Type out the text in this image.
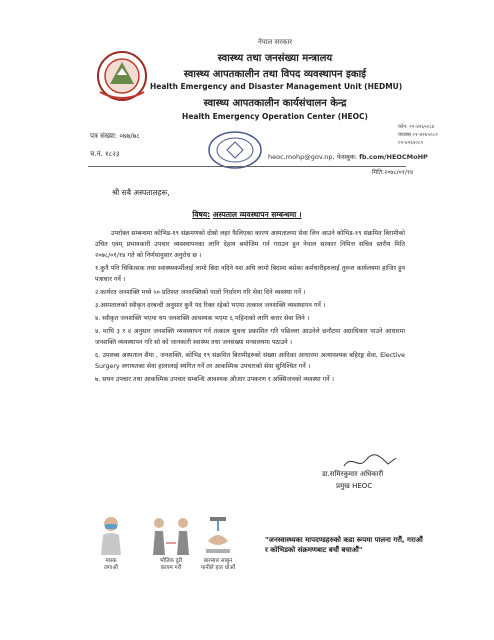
नेपाल सरकार
स्वास्थ्य तथा जनसंख्या मन्त्रालय
स्वास्थ्य आपतकालीन तथा विपद व्यवस्थापन इकाई
Health Emergency and Disaster Management Unit (HEDMU)
स्वास्थ्य आपतकालीन कार्यसंचालन केन्द्र
Health Emergency Operation Center (HEOC)
फोन: ०१-४२६५०८४
फ्याक्स ०१-४२६५०८२
०१-४२६५०८१
पत्र संख्या: ०७७/७८
च.नं. १८२३	heoc.mohp@gov.np, फेसबुक: fb.com/HEOCMoHP
मिति:२०७८/०१/१४
श्री सबै अस्पतालहरू,
विषय: अस्पताल व्यवस्थापन सम्बन्धमा ।

उपरोक्त सम्बन्धमा कोभिड-१९ संक्रमणको दोस्रो लहर फैलिएका कारण अस्पतालमा सेवा लिन आउने कोभिड-१९ संक्रमित बिरामीको उचित एवम् प्रभावकारी उपचार व्यवस्थापनका लागि देहाय बमोजिम गर्न गराउन हुन नेपाल सरकार निमित्त सचिव स्तरीय मिति २०७८/०१/१४ गते को निर्णयानुसार अनुरोध छ ।

१.कुनै पनि चिकित्सक तथा स्वास्थ्यकर्मीलाई लामो बिदा नदिने यस अघि लामो बिदामा बसेका कर्मचारीहरुलाई तुरुन्त कार्यलयमा हाजिर हुन पत्राचार गर्ने ।

२.कार्यरत जनशक्ति मध्ये ५० प्रतिशत जनशक्तिको पालो निर्धारण गरि सेवा दिने व्यवस्था गर्ने ।

३.अस्पतालको स्वीकृत दरबन्दी अनुसार कुनै पद रिक्त रहेको भएमा तत्काल जनशक्ति व्यवस्थापन गर्ने ।

४. स्वीकृत जनशक्ति भएमा थप जनशक्ति आवश्यक भएमा ६ महिनाको लागि करार सेवा लिने ।

४. माथि ३ र ४ अनुसार जनशक्ति व्यवस्थापन गर्न तत्काल सूचना प्रकाशित गरि पछिल्ला आउनेले छनौटमा अग्राधिकार पाउने आधारमा जनशक्ति व्यवस्थापन गरि सो को जानकारी स्वास्थ्य तथा जनसंख्या मन्त्रालयमा पठाउने ।

६. उपलब्ध अस्पताल शैया , जनशक्ति, कोभिड १९ संक्रमित बिरामीहरुको संख्या आदिका आधारमा अत्यावश्यक बहिरङ्ग सेवा, Elective Surgery लगायतका सेवा हालालाई स्थगित गर्ने तर आकस्मिक उपचारको सेवा सुनिश्चित गर्ने ।

७. सघन उपचार तथा आकस्मिक उपचार सम्बन्धि आवश्यक औजार उपकरण र अक्सिजनको व्यवस्था गर्ने ।

डा.समिरकुमार अधिकारी
प्रमुख HEOC
मास्क
लगाऔं
भौतिक दुरी
कायम गरौं
बारम्बार साबुन
पानीले हात धोऔं
"जनस्वास्थ्यका मापदण्डहरुको कडा रूपमा पालना गरौं, गराऔं
र कोभिडको संक्रमणबाट बचौं बचाऔं"
